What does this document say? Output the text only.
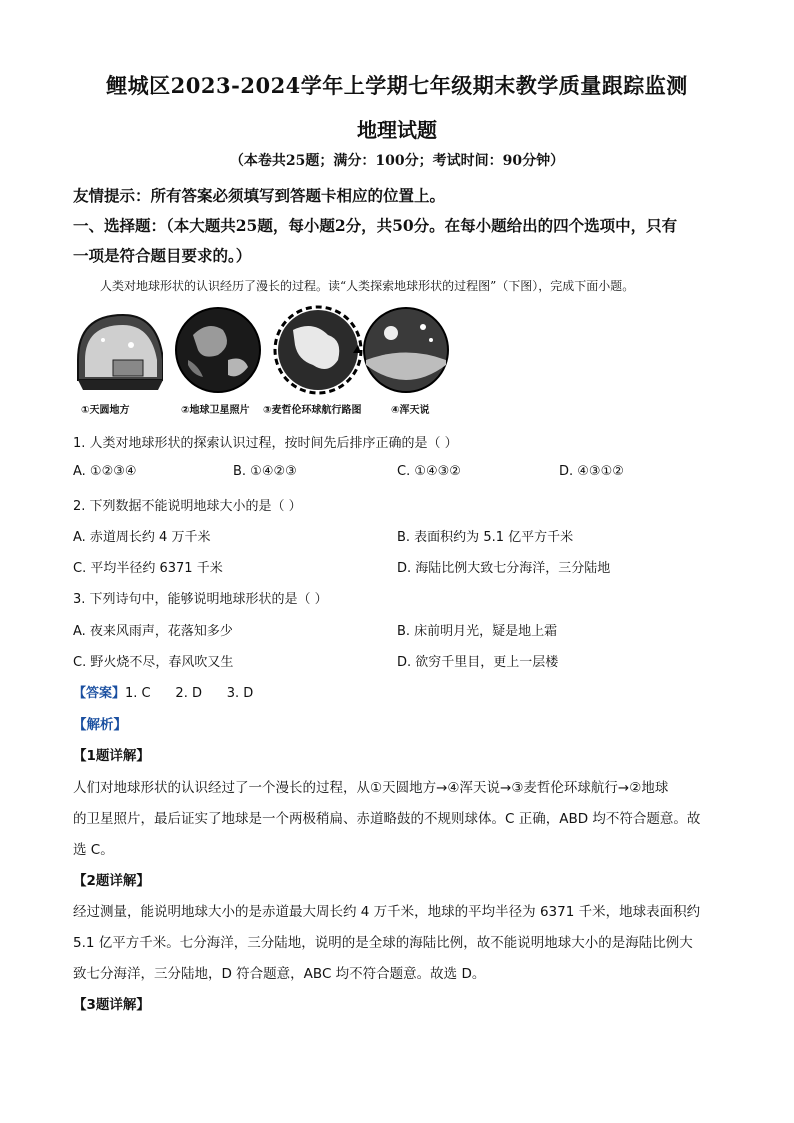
鲤城区2023-2024学年上学期七年级期末教学质量跟踪监测
地理试题
（本卷共25题；满分：100分；考试时间：90分钟）
友情提示：所有答案必须填写到答题卡相应的位置上。
一、选择题：（本大题共25题，每小题2分，共50分。在每小题给出的四个选项中，只有
一项是符合题目要求的。）
人类对地球形状的认识经历了漫长的过程。读“人类探索地球形状的过程图”（下图），完成下面小题。
①天圆地方	②地球卫星照片 ③麦哲伦环球航行路图	④浑天说
1. 人类对地球形状的探索认识过程，按时间先后排序正确的是（ ）
A. ①②③④	B. ①④②③	C. ①④③②	D. ④③①②
2. 下列数据不能说明地球大小的是（ ）
A. 赤道周长约 4 万千米	B. 表面积约为 5.1 亿平方千米
C. 平均半径约 6371 千米	D. 海陆比例大致七分海洋，三分陆地
3. 下列诗句中，能够说明地球形状的是（ ）
A. 夜来风雨声，花落知多少	B. 床前明月光，疑是地上霜
C. 野火烧不尽，春风吹又生	D. 欲穷千里目，更上一层楼
【答案】1. C      2. D      3. D
【解析】
【1题详解】
人们对地球形状的认识经过了一个漫长的过程，从①天圆地方→④浑天说→③麦哲伦环球航行→②地球
的卫星照片，最后证实了地球是一个两极稍扁、赤道略鼓的不规则球体。C 正确，ABD 均不符合题意。故
选 C。
【2题详解】
经过测量，能说明地球大小的是赤道最大周长约 4 万千米，地球的平均半径为 6371 千米，地球表面积约
5.1 亿平方千米。七分海洋，三分陆地，说明的是全球的海陆比例，故不能说明地球大小的是海陆比例大
致七分海洋，三分陆地，D 符合题意，ABC 均不符合题意。故选 D。
【3题详解】
